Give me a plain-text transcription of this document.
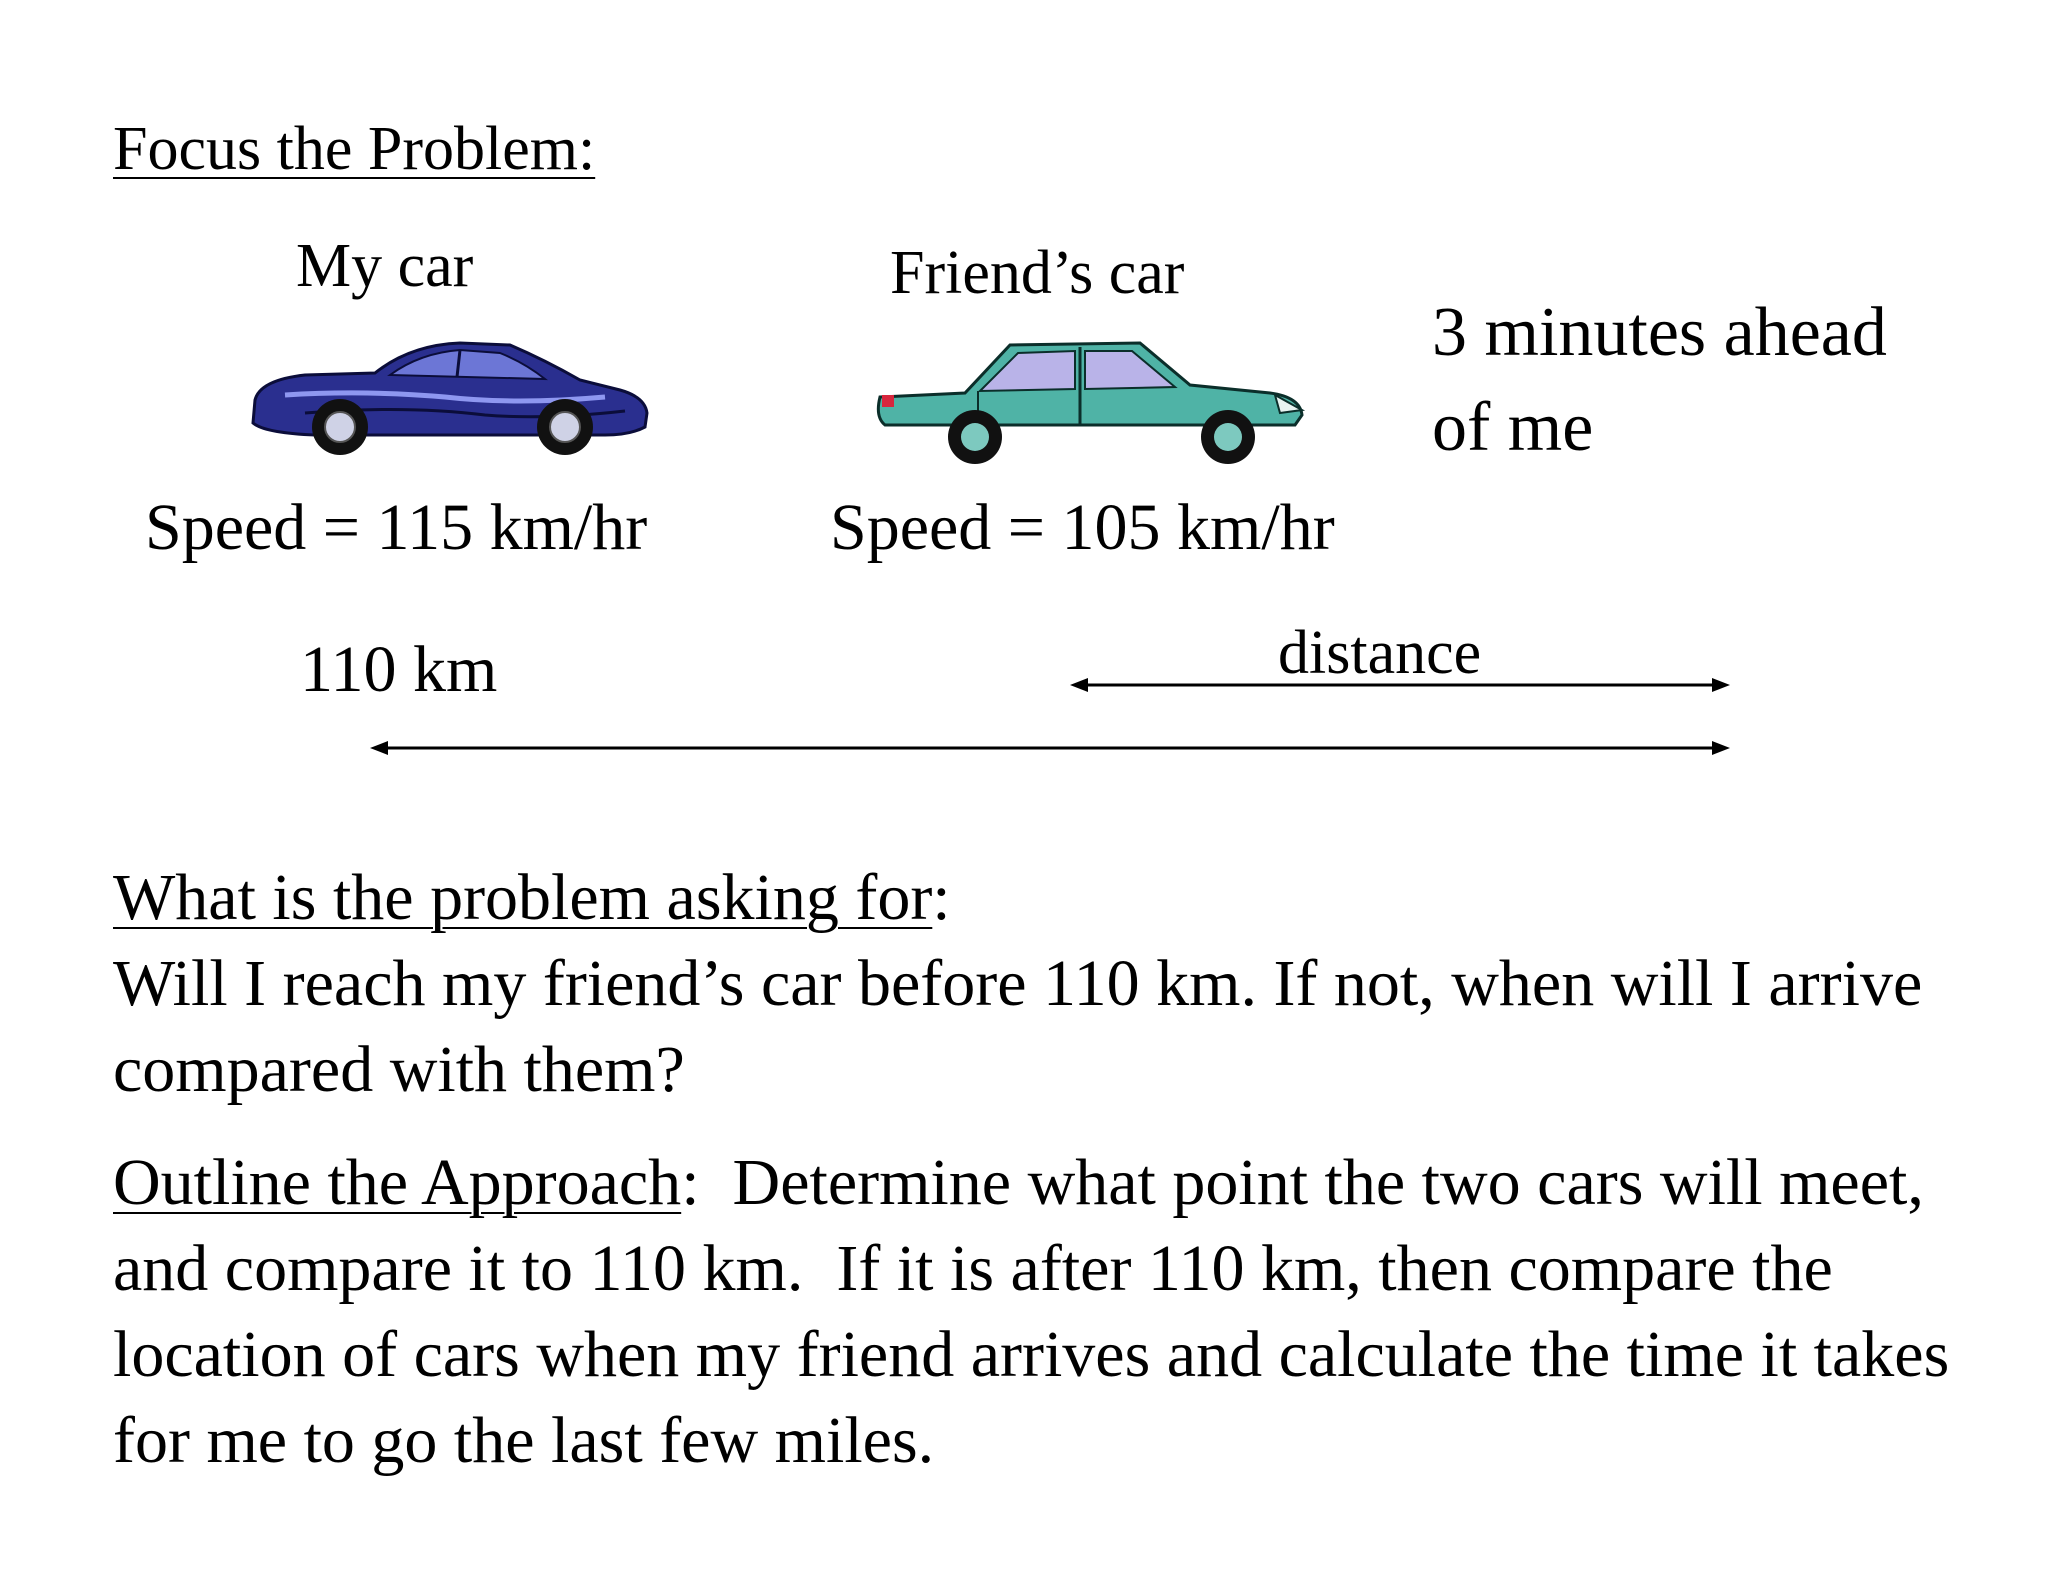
Focus the Problem:
My car	Friend’s car
3 minutes ahead
of me
Speed = 115 km/hr	Speed = 105 km/hr
110 km	distance
What is the problem asking for:
Will I reach my friend’s car before 110 km. If not, when will I arrive compared with them?
Outline the Approach:  Determine what point the two cars will meet, and compare it to 110 km.  If it is after 110 km, then compare the location of cars when my friend arrives and calculate the time it takes for me to go the last few miles.
